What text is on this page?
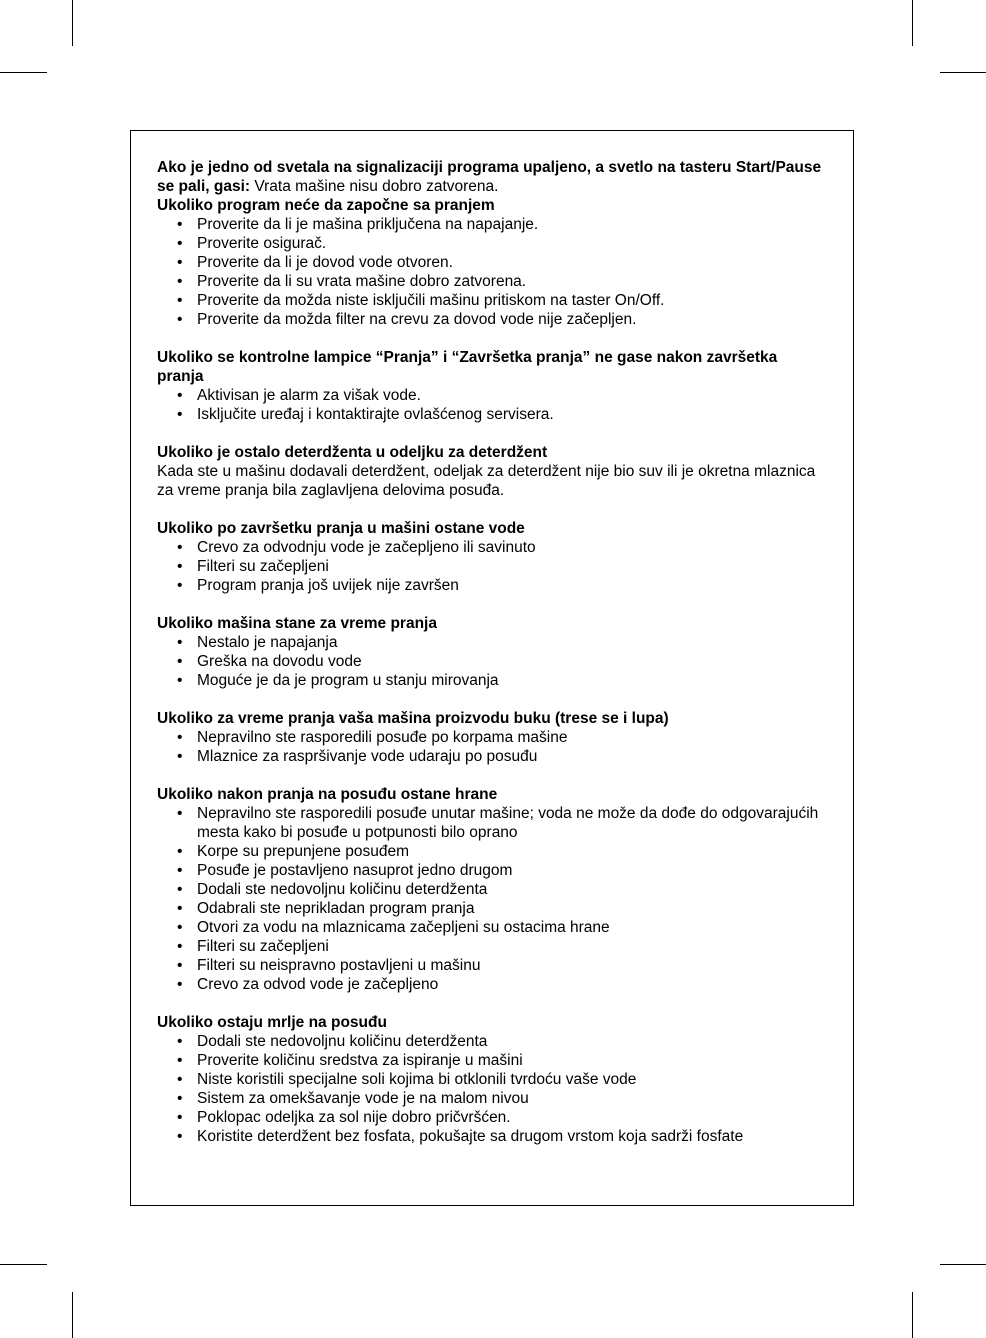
Ako je jedno od svetala na signalizaciji programa upaljeno, a svetlo na tasteru Start/Pause se pali, gasi: Vrata mašine nisu dobro zatvorena.

Ukoliko program neće da započne sa pranjem

• Proverite da li je mašina priključena na napajanje.
• Proverite osigurač.
• Proverite da li je dovod vode otvoren.
• Proverite da li su vrata mašine dobro zatvorena.
• Proverite da možda niste isključili mašinu pritiskom na taster On/Off.
• Proverite da možda filter na crevu za dovod vode nije začepljen.

Ukoliko se kontrolne lampice “Pranja” i “Završetka pranja” ne gase nakon završetka pranja

• Aktivisan je alarm za višak vode.
• Isključite uređaj i kontaktirajte ovlašćenog servisera.

Ukoliko je ostalo deterdženta u odeljku za deterdžent

Kada ste u mašinu dodavali deterdžent, odeljak za deterdžent nije bio suv ili je okretna mlaznica za vreme pranja bila zaglavljena delovima posuđa.

Ukoliko po završetku pranja u mašini ostane vode

• Crevo za odvodnju vode je začepljeno ili savinuto
• Filteri su začepljeni
• Program pranja još uvijek nije završen

Ukoliko mašina stane za vreme pranja

• Nestalo je napajanja
• Greška na dovodu vode
• Moguće je da je program u stanju mirovanja

Ukoliko za vreme pranja vaša mašina proizvodu buku (trese se i lupa)

• Nepravilno ste rasporedili posuđe po korpama mašine
• Mlaznice za raspršivanje vode udaraju po posuđu

Ukoliko nakon pranja na posuđu ostane hrane

• Nepravilno ste rasporedili posuđe unutar mašine; voda ne može da dođe do odgovarajućih mesta kako bi posuđe u potpunosti bilo oprano
• Korpe su prepunjene posuđem
• Posuđe je postavljeno nasuprot jedno drugom
• Dodali ste nedovoljnu količinu deterdženta
• Odabrali ste neprikladan program pranja
• Otvori za vodu na mlaznicama začepljeni su ostacima hrane
• Filteri su začepljeni
• Filteri su neispravno postavljeni u mašinu
• Crevo za odvod vode je začepljeno

Ukoliko ostaju mrlje na posuđu

• Dodali ste nedovoljnu količinu deterdženta
• Proverite količinu sredstva za ispiranje u mašini
• Niste koristili specijalne soli kojima bi otklonili tvrdoću vaše vode
• Sistem za omekšavanje vode je na malom nivou
• Poklopac odeljka za sol nije dobro pričvršćen.
• Koristite deterdžent bez fosfata, pokušajte sa drugom vrstom koja sadrži fosfate
